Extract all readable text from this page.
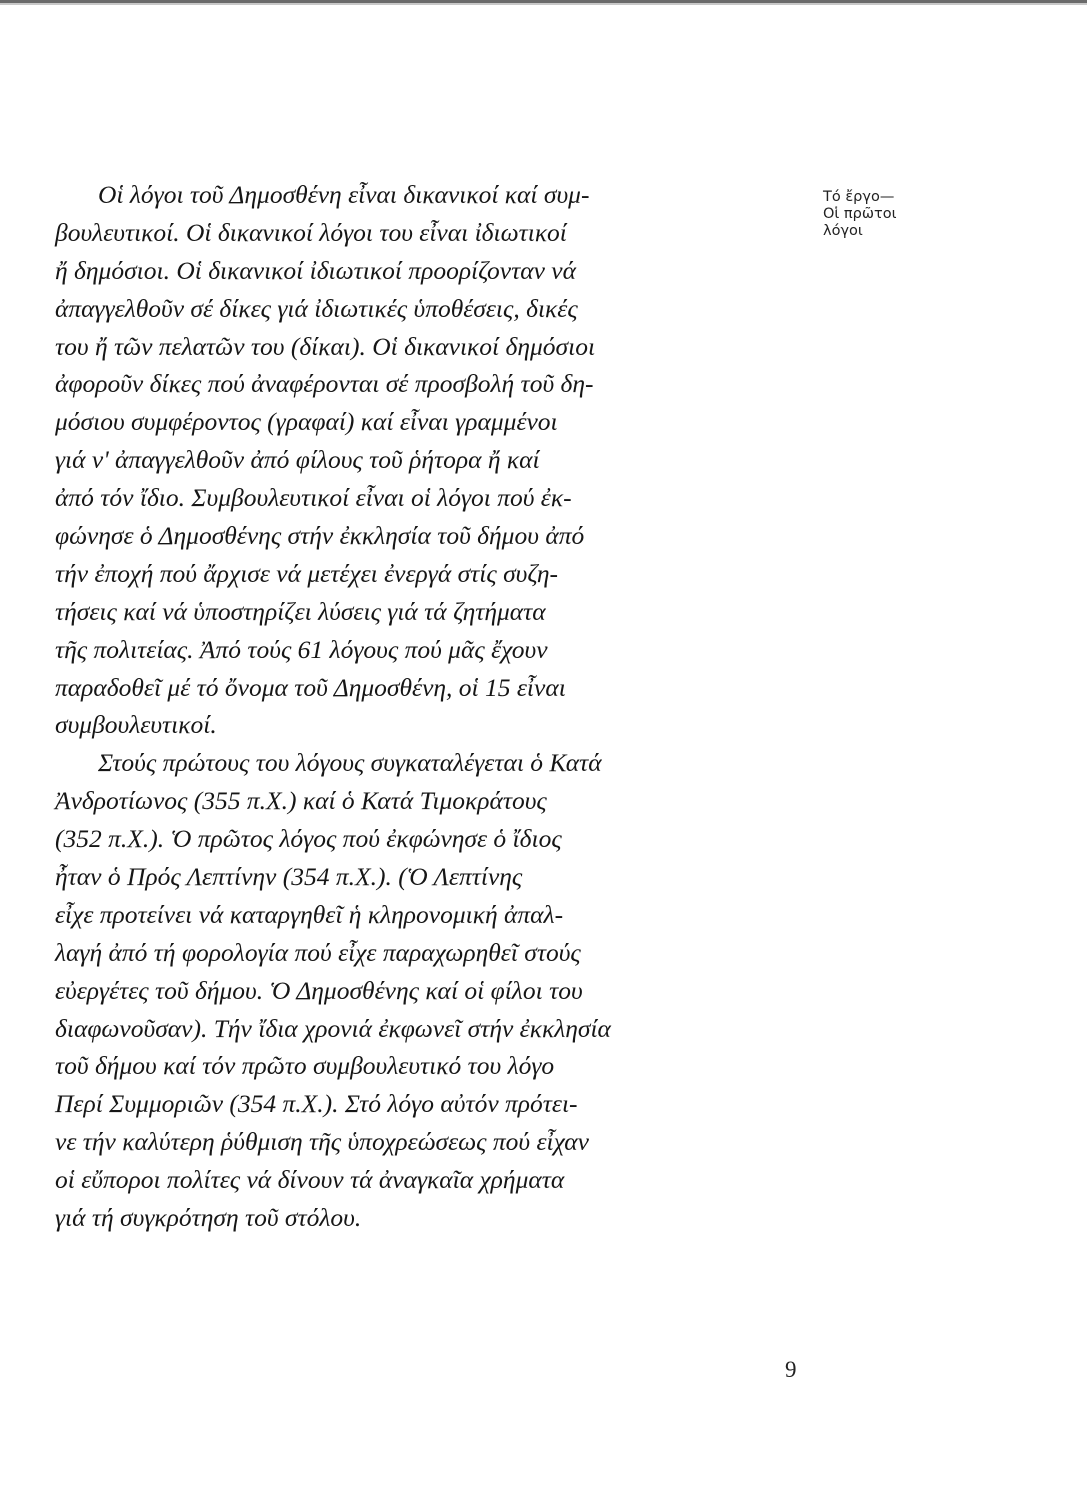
Τό ἔργο—
Οἱ πρῶτοι
λόγοι
Οἱ λόγοι τοῦ Δημοσθένη εἶναι δικανικοί καί συμ-
βουλευτικοί. Οἱ δικανικοί λόγοι του εἶναι ἰδιωτικοί
ἤ δημόσιοι. Οἱ δικανικοί ἰδιωτικοί προορίζονταν νά
ἀπαγγελθοῦν σέ δίκες γιά ἰδιωτικές ὑποθέσεις, δικές
του ἤ τῶν πελατῶν του (δίκαι). Οἱ δικανικοί δημόσιοι
ἀφοροῦν δίκες πού ἀναφέρονται σέ προσβολή τοῦ δη-
μόσιου συμφέροντος (γραφαί) καί εἶναι γραμμένοι
γιά ν' ἀπαγγελθοῦν ἀπό φίλους τοῦ ῥήτορα ἤ καί
ἀπό τόν ἴδιο. Συμβουλευτικοί εἶναι οἱ λόγοι πού ἐκ-
φώνησε ὁ Δημοσθένης στήν ἐκκλησία τοῦ δήμου ἀπό
τήν ἐποχή πού ἄρχισε νά μετέχει ἐνεργά στίς συζη-
τήσεις καί νά ὑποστηρίζει λύσεις γιά τά ζητήματα
τῆς πολιτείας. Ἀπό τούς 61 λόγους πού μᾶς ἔχουν
παραδοθεῖ μέ τό ὄνομα τοῦ Δημοσθένη, οἱ 15 εἶναι
συμβουλευτικοί.
Στούς πρώτους του λόγους συγκαταλέγεται ὁ Κατά
Ἀνδροτίωνος (355 π.Χ.) καί ὁ Κατά Τιμοκράτους
(352 π.Χ.). Ὁ πρῶτος λόγος πού ἐκφώνησε ὁ ἴδιος
ἦταν ὁ Πρός Λεπτίνην (354 π.Χ.). (Ὁ Λεπτίνης
εἶχε προτείνει νά καταργηθεῖ ἡ κληρονομική ἀπαλ-
λαγή ἀπό τή φορολογία πού εἶχε παραχωρηθεῖ στούς
εὐεργέτες τοῦ δήμου. Ὁ Δημοσθένης καί οἱ φίλοι του
διαφωνοῦσαν). Τήν ἴδια χρονιά ἐκφωνεῖ στήν ἐκκλησία
τοῦ δήμου καί τόν πρῶτο συμβουλευτικό του λόγο
Περί Συμμοριῶν (354 π.Χ.). Στό λόγο αὐτόν πρότει-
νε τήν καλύτερη ῥύθμιση τῆς ὑποχρεώσεως πού εἶχαν
οἱ εὔποροι πολίτες νά δίνουν τά ἀναγκαῖα χρήματα
γιά τή συγκρότηση τοῦ στόλου.
9
